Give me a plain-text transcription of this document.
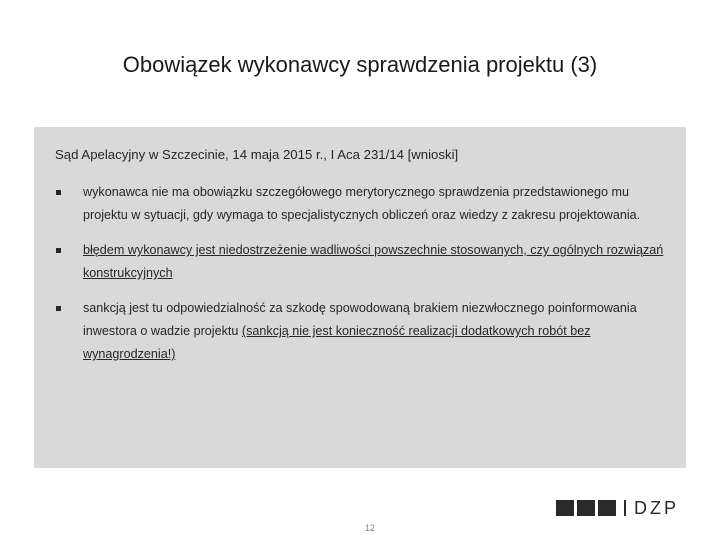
Obowiązek wykonawcy sprawdzenia projektu (3)
Sąd Apelacyjny w Szczecinie, 14 maja 2015 r., I Aca 231/14 [wnioski]
wykonawca nie ma obowiązku szczegółowego merytorycznego sprawdzenia przedstawionego mu projektu w sytuacji, gdy wymaga to specjalistycznych obliczeń oraz wiedzy z zakresu projektowania.
błędem wykonawcy jest niedostrzeżenie wadliwości powszechnie stosowanych, czy ogólnych rozwiązań konstrukcyjnych
sankcją jest tu odpowiedzialność za szkodę spowodowaną brakiem niezwłocznego poinformowania inwestora o wadzie projektu (sankcją nie jest konieczność realizacji dodatkowych robót bez wynagrodzenia!)
DZP
12
